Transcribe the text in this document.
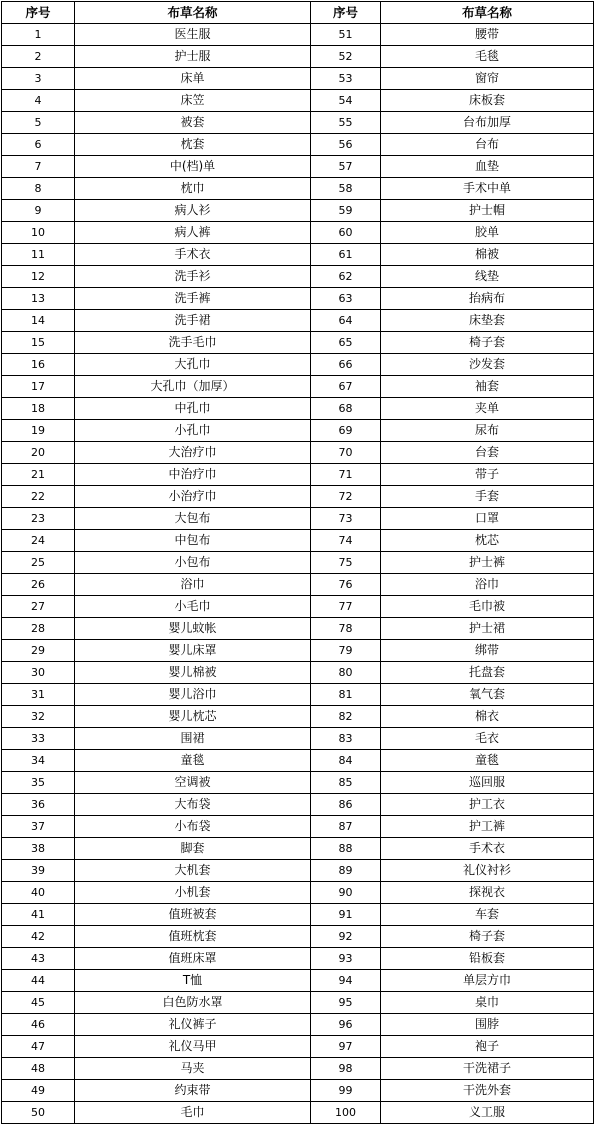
序号	布草名称	序号	布草名称
1	医生服	51	腰带
2	护士服	52	毛毯
3	床单	53	窗帘
4	床笠	54	床板套
5	被套	55	台布加厚
6	枕套	56	台布
7	中(档)单	57	血垫
8	枕巾	58	手术中单
9	病人衫	59	护士帽
10	病人裤	60	胶单
11	手术衣	61	棉被
12	洗手衫	62	线垫
13	洗手裤	63	抬病布
14	洗手裙	64	床垫套
15	洗手毛巾	65	椅子套
16	大孔巾	66	沙发套
17	大孔巾（加厚）	67	袖套
18	中孔巾	68	夹单
19	小孔巾	69	尿布
20	大治疗巾	70	台套
21	中治疗巾	71	带子
22	小治疗巾	72	手套
23	大包布	73	口罩
24	中包布	74	枕芯
25	小包布	75	护士裤
26	浴巾	76	浴巾
27	小毛巾	77	毛巾被
28	婴儿蚊帐	78	护士裙
29	婴儿床罩	79	绑带
30	婴儿棉被	80	托盘套
31	婴儿浴巾	81	氧气套
32	婴儿枕芯	82	棉衣
33	围裙	83	毛衣
34	童毯	84	童毯
35	空调被	85	巡回服
36	大布袋	86	护工衣
37	小布袋	87	护工裤
38	脚套	88	手术衣
39	大机套	89	礼仪衬衫
40	小机套	90	探视衣
41	值班被套	91	车套
42	值班枕套	92	椅子套
43	值班床罩	93	铅板套
44	T恤	94	单层方巾
45	白色防水罩	95	桌巾
46	礼仪裤子	96	围脖
47	礼仪马甲	97	袍子
48	马夹	98	干洗裙子
49	约束带	99	干洗外套
50	毛巾	100	义工服
